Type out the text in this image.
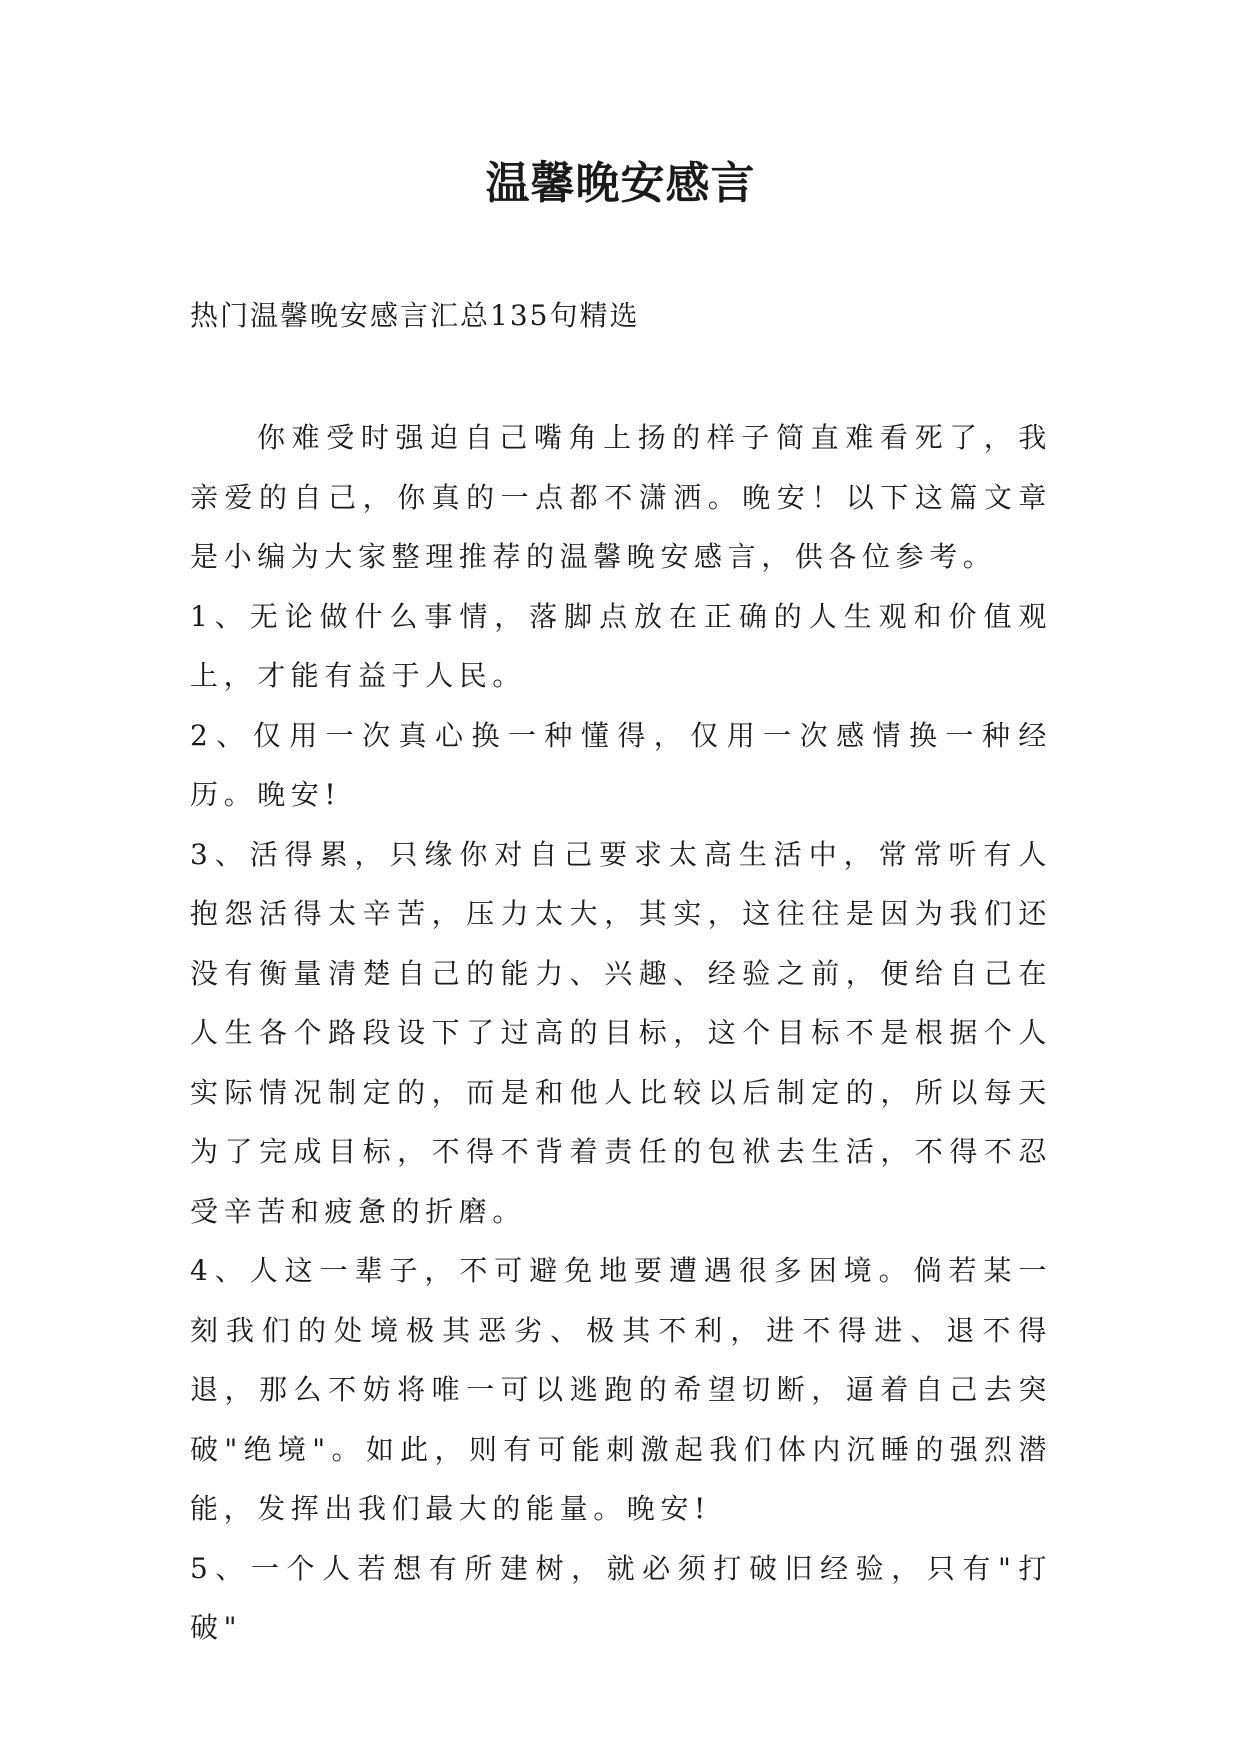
温馨晚安感言

热门温馨晚安感言汇总135句精选

你难受时强迫自己嘴角上扬的样子简直难看死了，我亲爱的自己，你真的一点都不潇洒。晚安！以下这篇文章是小编为大家整理推荐的温馨晚安感言，供各位参考。

1、无论做什么事情，落脚点放在正确的人生观和价值观上，才能有益于人民。

2、仅用一次真心换一种懂得，仅用一次感情换一种经历。晚安!

3、活得累，只缘你对自己要求太高生活中，常常听有人抱怨活得太辛苦，压力太大，其实，这往往是因为我们还没有衡量清楚自己的能力、兴趣、经验之前，便给自己在人生各个路段设下了过高的目标，这个目标不是根据个人实际情况制定的，而是和他人比较以后制定的，所以每天为了完成目标，不得不背着责任的包袱去生活，不得不忍受辛苦和疲惫的折磨。

4、人这一辈子，不可避免地要遭遇很多困境。倘若某一刻我们的处境极其恶劣、极其不利，进不得进、退不得退，那么不妨将唯一可以逃跑的希望切断，逼着自己去突破"绝境"。如此，则有可能刺激起我们体内沉睡的强烈潜能，发挥出我们最大的能量。晚安!

5、一个人若想有所建树，就必须打破旧经验，只有"打破"
